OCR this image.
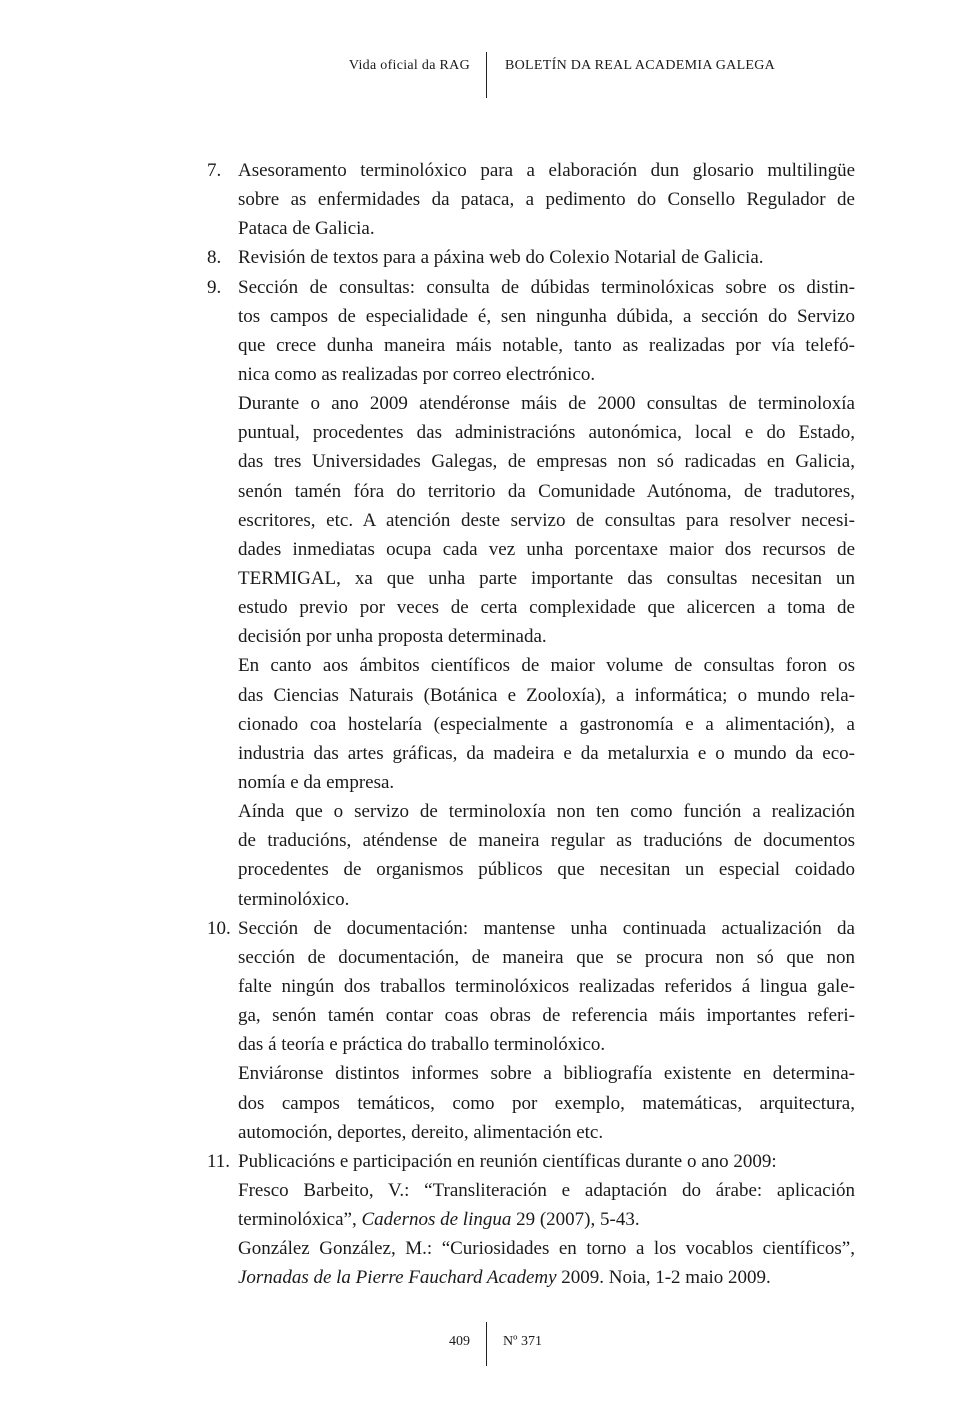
Vida oficial da RAG	BOLETÍN DA REAL ACADEMIA GALEGA
7. Asesoramento terminolóxico para a elaboración dun glosario multilingüe
sobre as enfermidades da pataca, a pedimento do Consello Regulador de
Pataca de Galicia.
8. Revisión de textos para a páxina web do Colexio Notarial de Galicia.
9. Sección de consultas: consulta de dúbidas terminolóxicas sobre os distin-
tos campos de especialidade é, sen ningunha dúbida, a sección do Servizo
que crece dunha maneira máis notable, tanto as realizadas por vía telefó-
nica como as realizadas por correo electrónico.
Durante o ano 2009 atendéronse máis de 2000 consultas de terminoloxía
puntual, procedentes das administracións autonómica, local e do Estado,
das tres Universidades Galegas, de empresas non só radicadas en Galicia,
senón tamén fóra do territorio da Comunidade Autónoma, de tradutores,
escritores, etc. A atención deste servizo de consultas para resolver necesi-
dades inmediatas ocupa cada vez unha porcentaxe maior dos recursos de
TERMIGAL, xa que unha parte importante das consultas necesitan un
estudo previo por veces de certa complexidade que alicercen a toma de
decisión por unha proposta determinada.
En canto aos ámbitos científicos de maior volume de consultas foron os
das Ciencias Naturais (Botánica e Zooloxía), a informática; o mundo rela-
cionado coa hostelaría (especialmente a gastronomía e a alimentación), a
industria das artes gráficas, da madeira e da metalurxia e o mundo da eco-
nomía e da empresa.
Aínda que o servizo de terminoloxía non ten como función a realización
de traducións, aténdense de maneira regular as traducións de documentos
procedentes de organismos públicos que necesitan un especial coidado
terminolóxico.
10. Sección de documentación: mantense unha continuada actualización da
sección de documentación, de maneira que se procura non só que non
falte ningún dos traballos terminolóxicos realizadas referidos á lingua gale-
ga, senón tamén contar coas obras de referencia máis importantes referi-
das á teoría e práctica do traballo terminolóxico.
Enviáronse distintos informes sobre a bibliografía existente en determina-
dos campos temáticos, como por exemplo, matemáticas, arquitectura,
automoción, deportes, dereito, alimentación etc.
11. Publicacións e participación en reunión científicas durante o ano 2009:
Fresco Barbeito, V.: “Transliteración e adaptación do árabe: aplicación
terminolóxica”, Cadernos de lingua 29 (2007), 5-43.
González González, M.: “Curiosidades en torno a los vocablos científicos”,
Jornadas de la Pierre Fauchard Academy 2009. Noia, 1-2 maio 2009.
409 Nº 371
